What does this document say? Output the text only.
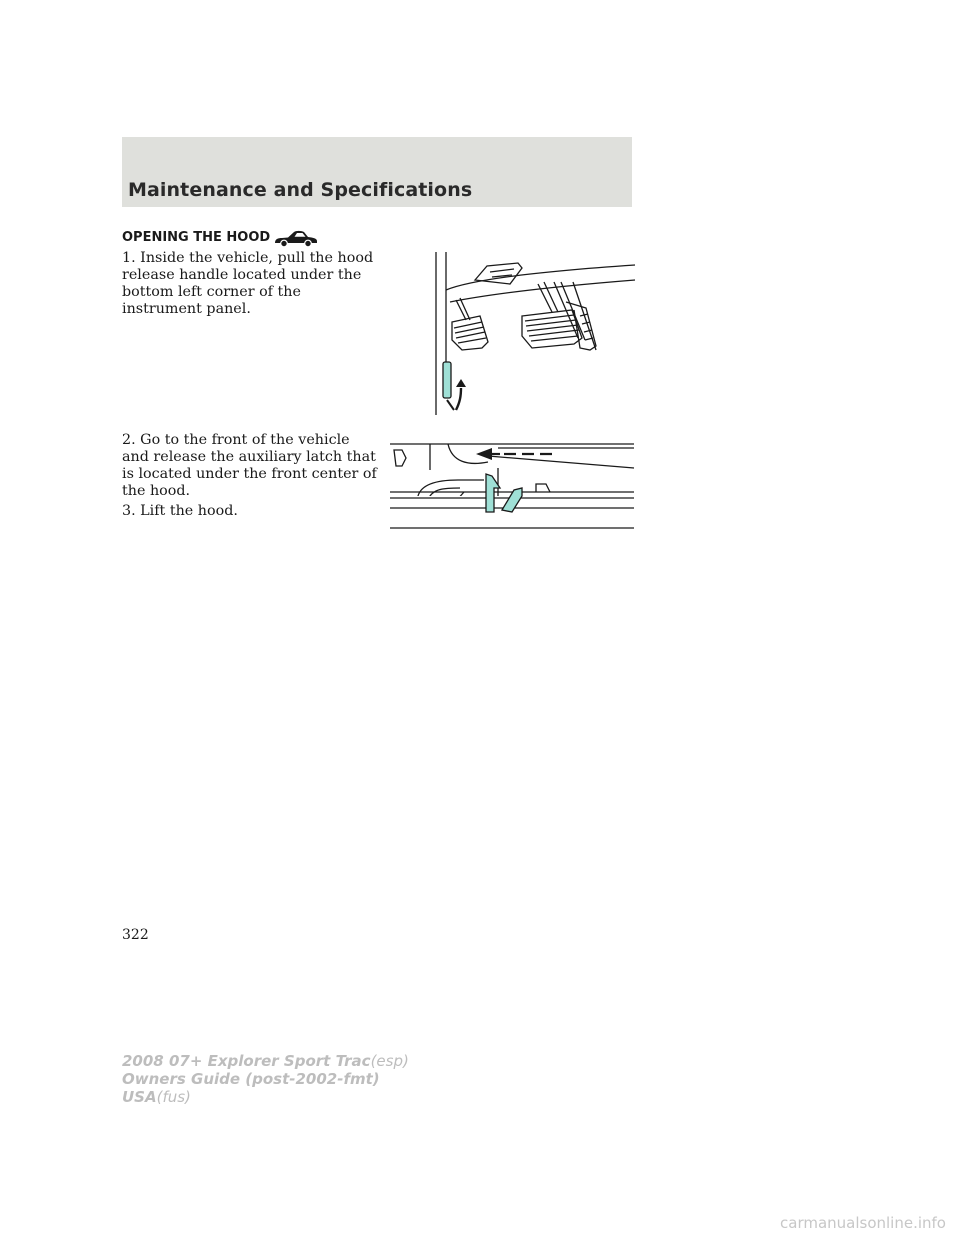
Maintenance and Specifications
OPENING THE HOOD

1. Inside the vehicle, pull the hood release handle located under the bottom left corner of the instrument panel.

2. Go to the front of the vehicle and release the auxiliary latch that is located under the front center of the hood.

3. Lift the hood.

322

2008 07+ Explorer Sport Trac(esp)
Owners Guide (post-2002-fmt)
USA(fus)
carmanualsonline.info
